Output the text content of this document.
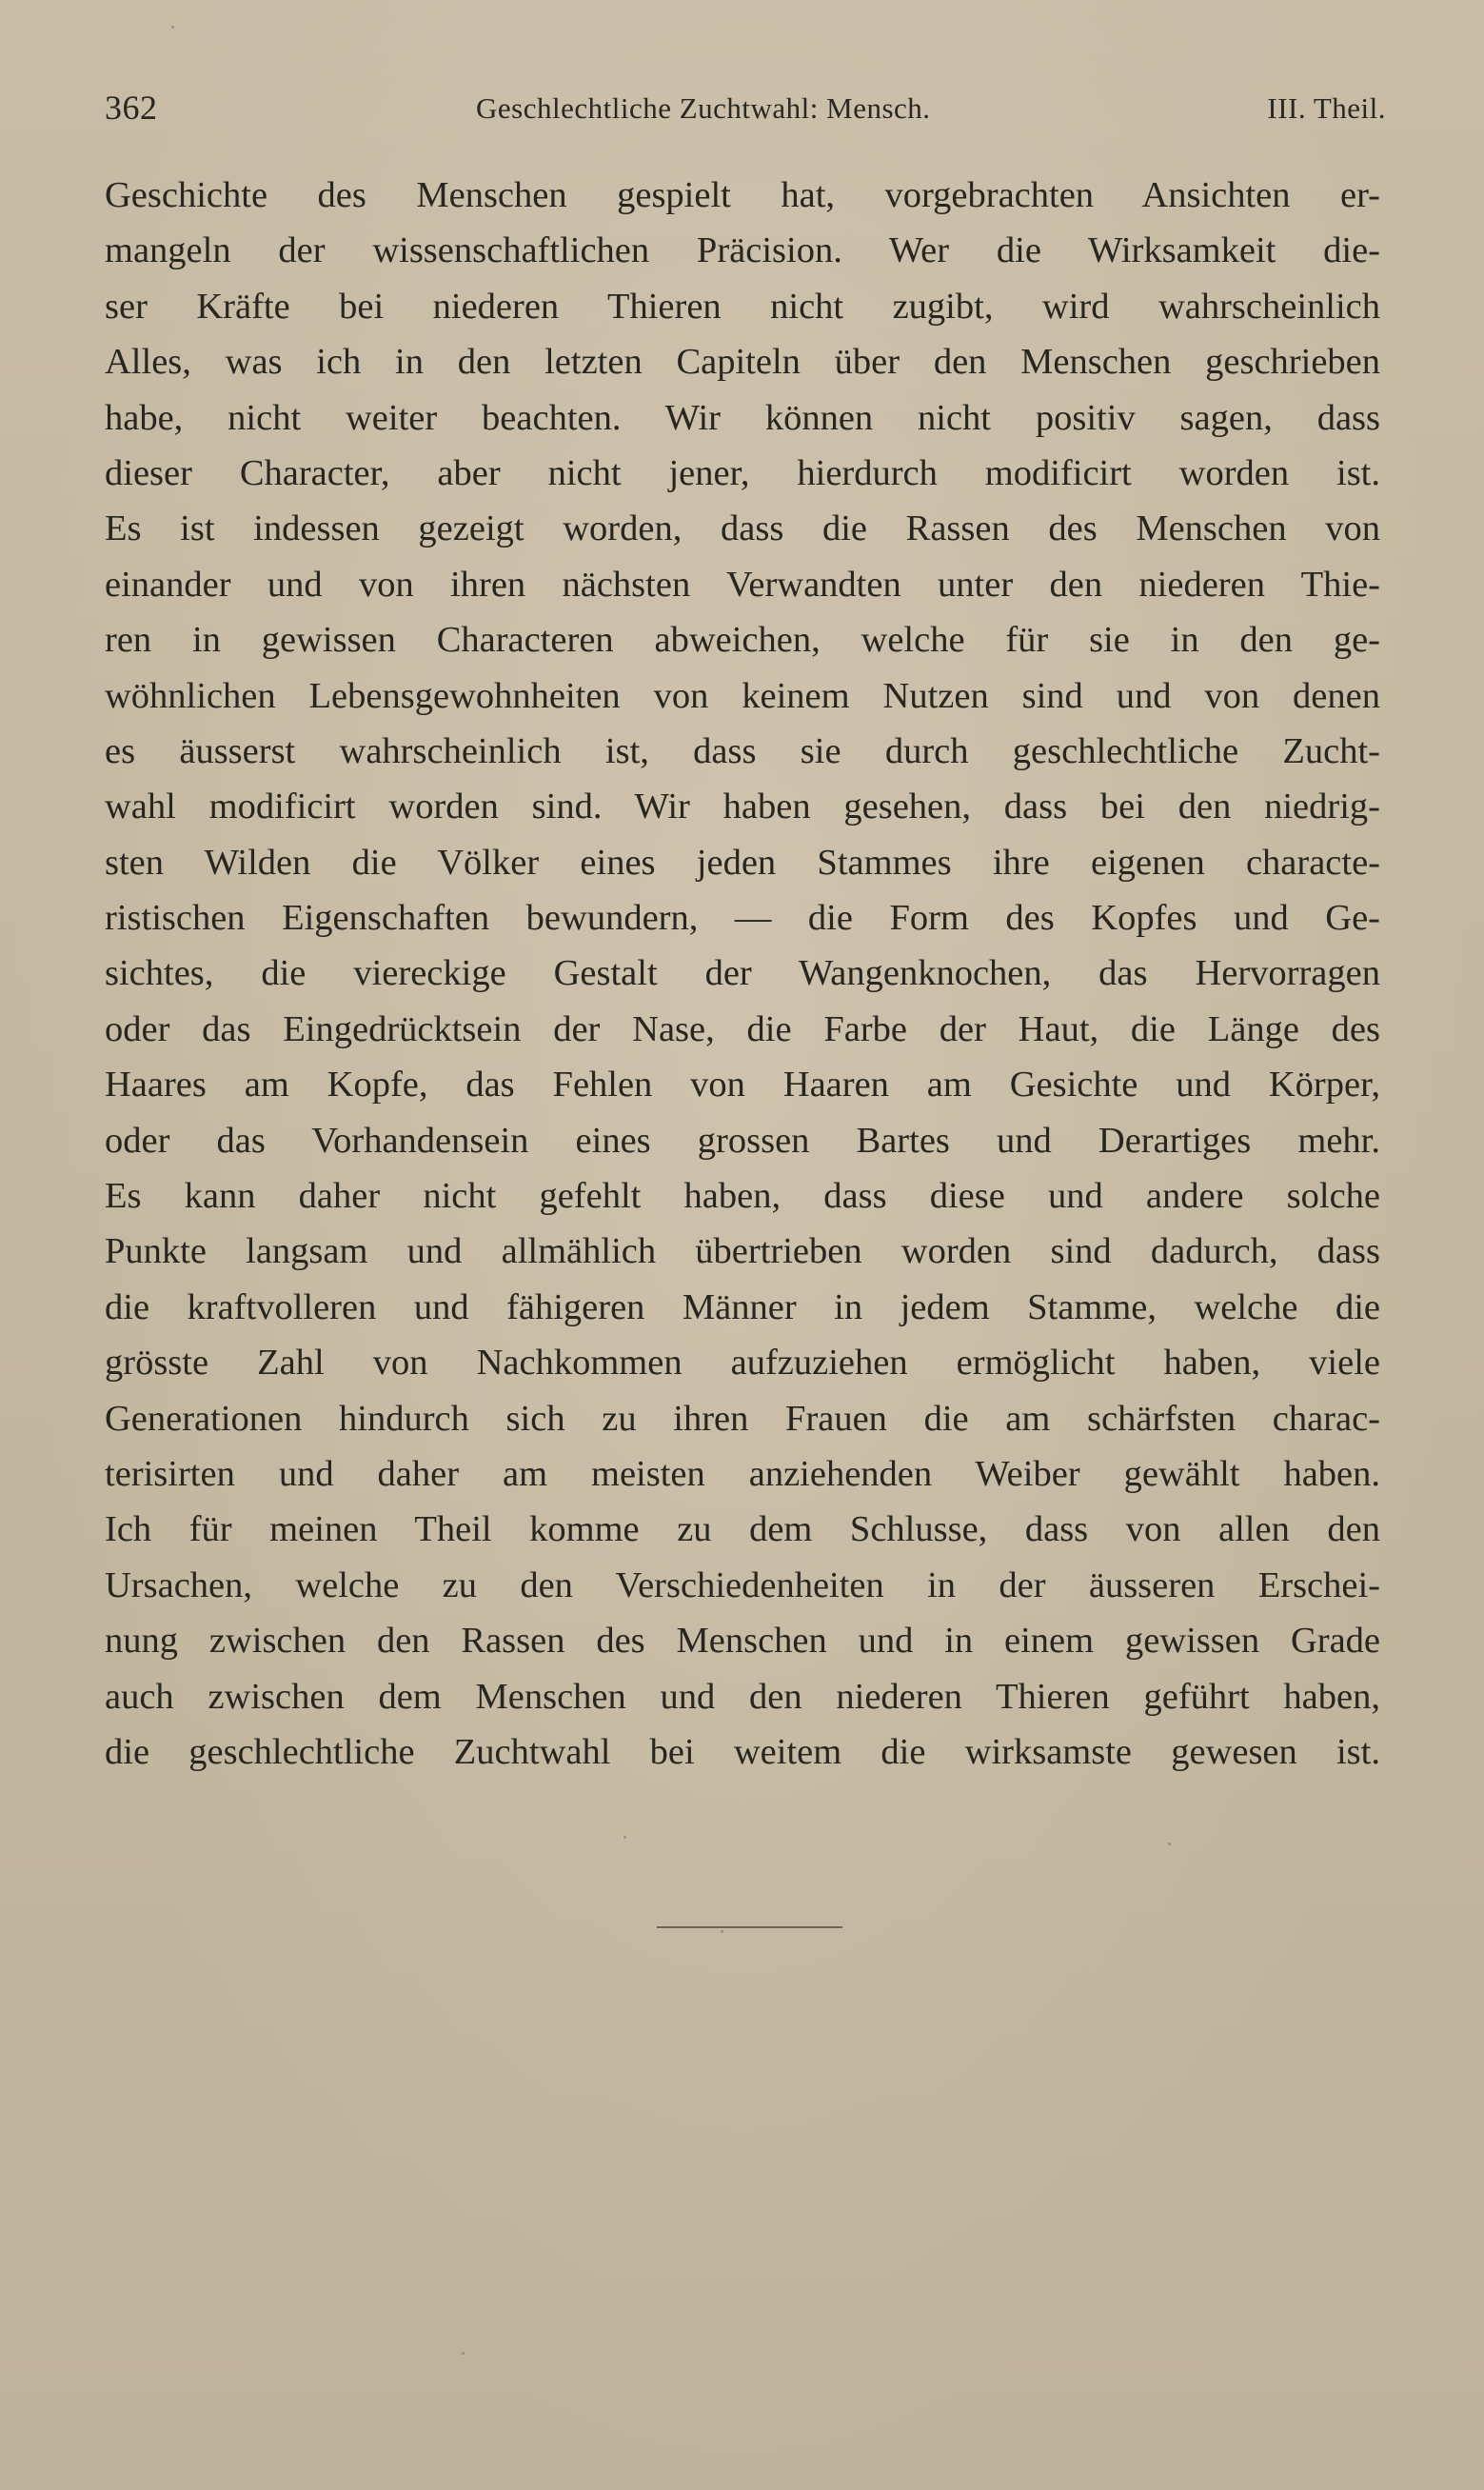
362	Geschlechtliche Zuchtwahl: Mensch.	III. Theil.
Geschichte des Menschen gespielt hat, vorgebrachten Ansichten er-
mangeln der wissenschaftlichen Präcision. Wer die Wirksamkeit die-
ser Kräfte bei niederen Thieren nicht zugibt, wird wahrscheinlich
Alles, was ich in den letzten Capiteln über den Menschen geschrieben
habe, nicht weiter beachten. Wir können nicht positiv sagen, dass
dieser Character, aber nicht jener, hierdurch modificirt worden ist.
Es ist indessen gezeigt worden, dass die Rassen des Menschen von
einander und von ihren nächsten Verwandten unter den niederen Thie-
ren in gewissen Characteren abweichen, welche für sie in den ge-
wöhnlichen Lebensgewohnheiten von keinem Nutzen sind und von denen
es äusserst wahrscheinlich ist, dass sie durch geschlechtliche Zucht-
wahl modificirt worden sind. Wir haben gesehen, dass bei den niedrig-
sten Wilden die Völker eines jeden Stammes ihre eigenen characte-
ristischen Eigenschaften bewundern, — die Form des Kopfes und Ge-
sichtes, die viereckige Gestalt der Wangenknochen, das Hervorragen
oder das Eingedrücktsein der Nase, die Farbe der Haut, die Länge des
Haares am Kopfe, das Fehlen von Haaren am Gesichte und Körper,
oder das Vorhandensein eines grossen Bartes und Derartiges mehr.
Es kann daher nicht gefehlt haben, dass diese und andere solche
Punkte langsam und allmählich übertrieben worden sind dadurch, dass
die kraftvolleren und fähigeren Männer in jedem Stamme, welche die
grösste Zahl von Nachkommen aufzuziehen ermöglicht haben, viele
Generationen hindurch sich zu ihren Frauen die am schärfsten charac-
terisirten und daher am meisten anziehenden Weiber gewählt haben.
Ich für meinen Theil komme zu dem Schlusse, dass von allen den
Ursachen, welche zu den Verschiedenheiten in der äusseren Erschei-
nung zwischen den Rassen des Menschen und in einem gewissen Grade
auch zwischen dem Menschen und den niederen Thieren geführt haben,
die geschlechtliche Zuchtwahl bei weitem die wirksamste gewesen ist.
